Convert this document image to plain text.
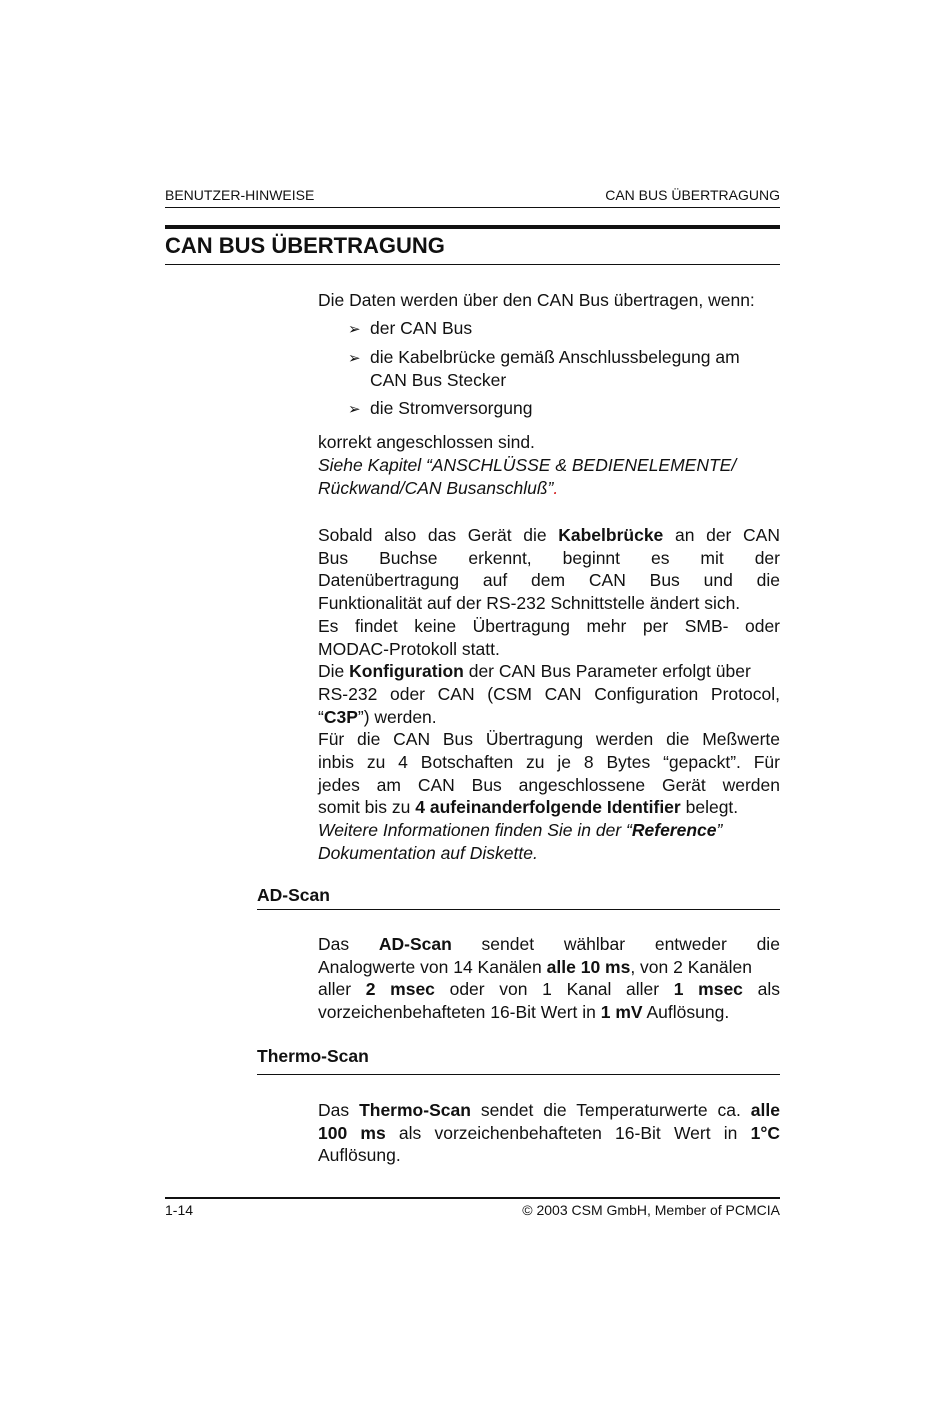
BENUTZER-HINWEISE	CAN BUS ÜBERTRAGUNG
CAN BUS ÜBERTRAGUNG
Die Daten werden über den CAN Bus übertragen, wenn:
➢ der CAN Bus
➢ die Kabelbrücke gemäß Anschlussbelegung am
CAN Bus Stecker
➢ die Stromversorgung
korrekt angeschlossen sind.
Siehe Kapitel “ANSCHLÜSSE & BEDIENELEMENTE/
Rückwand/CAN Busanschluß”.
Sobald also das Gerät die Kabelbrücke an der CAN
Bus Buchse erkennt, beginnt es mit der
Datenübertragung auf dem CAN Bus und die
Funktionalität auf der RS-232 Schnittstelle ändert sich.
Es findet keine Übertragung mehr per SMB- oder
MODAC-Protokoll statt.
Die Konfiguration der CAN Bus Parameter erfolgt über
RS-232 oder CAN (CSM CAN Configuration Protocol,
“C3P”) werden.
Für die CAN Bus Übertragung werden die Meßwerte
inbis zu 4 Botschaften zu je 8 Bytes “gepackt”. Für
jedes am CAN Bus angeschlossene Gerät werden
somit bis zu 4 aufeinanderfolgende Identifier belegt.
Weitere Informationen finden Sie in der “Reference”
Dokumentation auf Diskette.
AD-Scan
Das AD-Scan sendet wählbar entweder die
Analogwerte von 14 Kanälen alle 10 ms, von 2 Kanälen
aller 2 msec oder von 1 Kanal aller 1 msec als
vorzeichenbehafteten 16-Bit Wert in 1 mV Auflösung.
Thermo-Scan
Das Thermo-Scan sendet die Temperaturwerte ca. alle
100 ms als vorzeichenbehafteten 16-Bit Wert in 1°C
Auflösung.
1-14	© 2003 CSM GmbH, Member of PCMCIA
